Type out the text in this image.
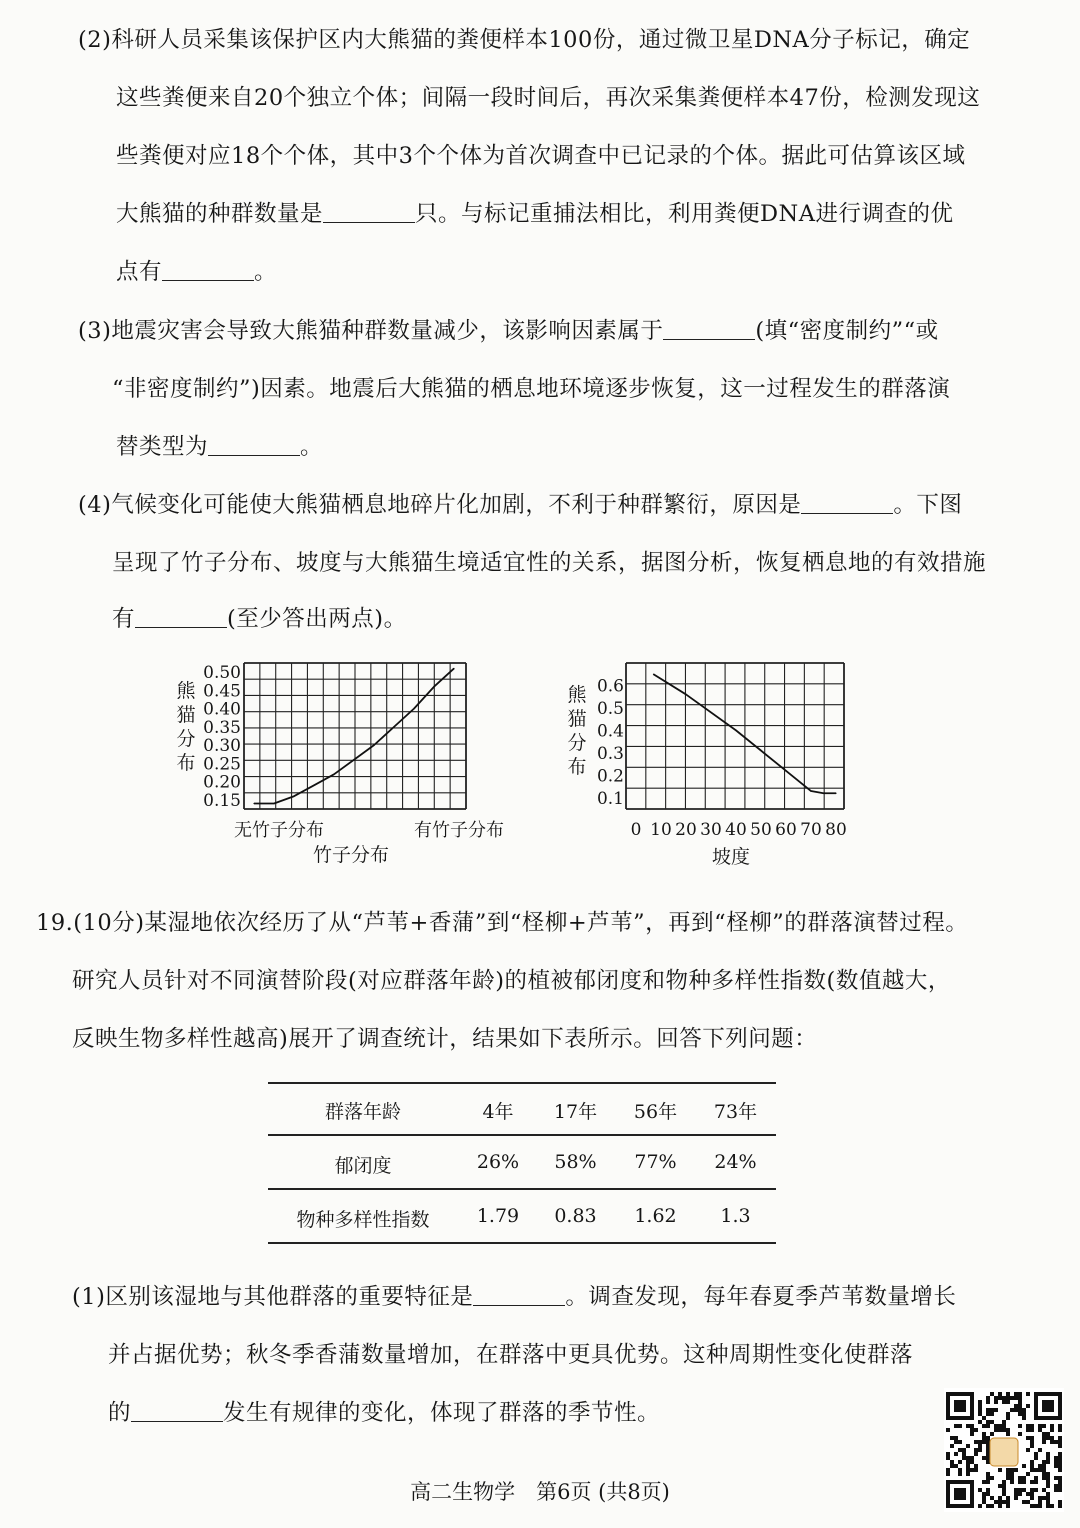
(2)科研人员采集该保护区内大熊猫的粪便样本100份，通过微卫星DNA分子标记，确定
这些粪便来自20个独立个体；间隔一段时间后，再次采集粪便样本47份，检测发现这
些粪便对应18个个体，其中3个个体为首次调查中已记录的个体。据此可估算该区域
大熊猫的种群数量是	只。与标记重捕法相比，利用粪便DNA进行调查的优
点有	。
(3)地震灾害会导致大熊猫种群数量减少，该影响因素属于	(填“密度制约”“或
“非密度制约”)因素。地震后大熊猫的栖息地环境逐步恢复，这一过程发生的群落演
替类型为	。
(4)气候变化可能使大熊猫栖息地碎片化加剧，不利于种群繁衍，原因是	。下图
呈现了竹子分布、坡度与大熊猫生境适宜性的关系，据图分析，恢复栖息地的有效措施
有	(至少答出两点)。
0.50
0.45
0.40
0.35
0.30
0.25
0.20
0.15
熊
猫
分
布
无竹子分布	有竹子分布
竹子分布
0.6
0.5
0.4
0.3
0.2
0.1
熊
猫
分
布
0 10 20 30 40 50 60 70 80
坡度
19.(10分)某湿地依次经历了从“芦苇+香蒲”到“柽柳+芦苇”，再到“柽柳”的群落演替过程。
研究人员针对不同演替阶段(对应群落年龄)的植被郁闭度和物种多样性指数(数值越大，
反映生物多样性越高)展开了调查统计，结果如下表所示。回答下列问题：
群落年龄	4年	17年	56年	73年
郁闭度	26%	58%	77%	24%
物种多样性指数	1.79	0.83	1.62	1.3
(1)区别该湿地与其他群落的重要特征是	。调查发现，每年春夏季芦苇数量增长
并占据优势；秋冬季香蒲数量增加，在群落中更具优势。这种周期性变化使群落
的	发生有规律的变化，体现了群落的季节性。
高二生物学　第6页 (共8页)
